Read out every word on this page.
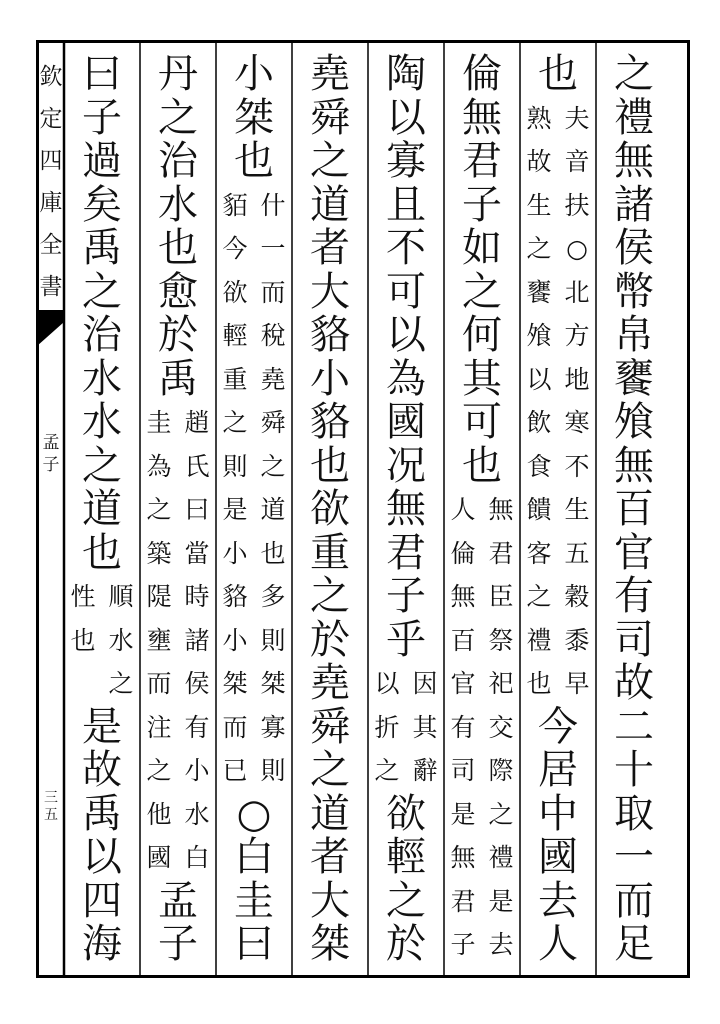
欽
定
四
庫
全
書
孟
子
三
五
之
禮
無
諸
侯
幣
帛
饔
飧
無
百
官
有
司
故
二
十
取
一
而
足
也
夫
音
扶
○
北
方
地
寒
不
生
五
穀
黍
早
熟
故
生
之
饔
飧
以
飲
食
饋
客
之
禮
也
今
居
中
國
去
人
倫
無
君
子
如
之
何
其
可
也
無
君
臣
祭
祀
交
際
之
禮
是
去
人
倫
無
百
官
有
司
是
無
君
子
陶
以
寡
且
不
可
以
為
國
况
無
君
子
乎
因
其
辭
以
折
之
欲
輕
之
於
堯
舜
之
道
者
大
貉
小
貉
也
欲
重
之
於
堯
舜
之
道
者
大
桀
小
桀
也
什
一
而
稅
堯
舜
之
道
也
多
則
桀
寡
則
貊
今
欲
輕
重
之
則
是
小
貉
小
桀
而
已
○
白
圭
曰
丹
之
治
水
也
愈
於
禹
趙
氏
曰
當
時
諸
侯
有
小
水
白
圭
為
之
築
隄
壅
而
注
之
他
國
孟
子
曰
子
過
矣
禹
之
治
水
水
之
道
也
順
水
之
性
也
是
故
禹
以
四
海
